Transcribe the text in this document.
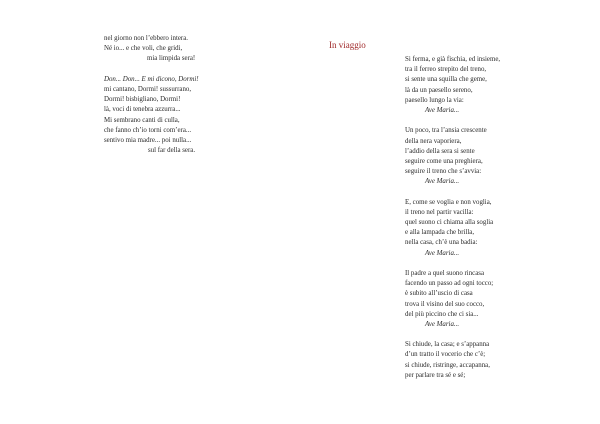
nel giorno non l’ebbero intera.
Né io... e che voli, che gridi,
mia limpida sera!
Don... Don... E mi dicono, Dormi!
mi cantano, Dormi! sussurrano,
Dormi! bisbigliano, Dormi!
là, voci di tenebra azzurra...
Mi sembrano canti di culla,
che fanno ch’io torni com’era...
sentivo mia madre... poi nulla...
sul far della sera.
In viaggio
Si ferma, e già fischia, ed insieme,
tra il ferreo strepito del treno,
si sente una squilla che geme,
là da un paesello sereno,
paesello lungo la via:
Ave Maria...
Un poco, tra l’ansia crescente
della nera vaporiera,
l’addio della sera si sente
seguire come una preghiera,
seguire il treno che s’avvia:
Ave Maria...
E, come se voglia e non voglia,
il treno nel partir vacilla:
quel suono ci chiama alla soglia
e alla lampada che brilla,
nella casa, ch’è una badia:
Ave Maria...
Il padre a quel suono rincasa
facendo un passo ad ogni tocco;
è subito all’uscio di casa
trova il visino del suo cocco,
del più piccino che ci sia...
Ave Maria...
Si chiude, la casa; e s’appanna
d’un tratto il vocerio che c’è;
si chiude, ristringe, accapanna,
per parlare tra sé e sé;
